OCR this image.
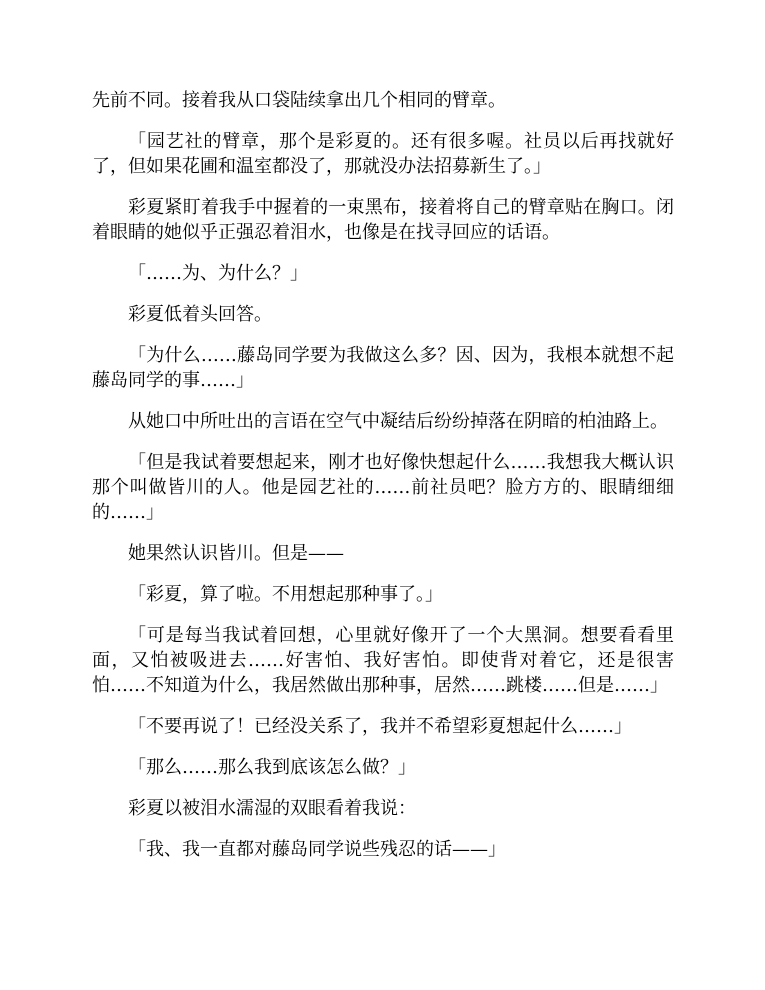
先前不同。接着我从口袋陆续拿出几个相同的臂章。

「园艺社的臂章，那个是彩夏的。还有很多喔。社员以后再找就好了，但如果花圃和温室都没了，那就没办法招募新生了。」

彩夏紧盯着我手中握着的一束黑布，接着将自己的臂章贴在胸口。闭着眼睛的她似乎正强忍着泪水，也像是在找寻回应的话语。

「……为、为什么？」

彩夏低着头回答。

「为什么……藤岛同学要为我做这么多？因、因为，我根本就想不起藤岛同学的事……」

从她口中所吐出的言语在空气中凝结后纷纷掉落在阴暗的柏油路上。

「但是我试着要想起来，刚才也好像快想起什么……我想我大概认识那个叫做皆川的人。他是园艺社的……前社员吧？脸方方的、眼睛细细的……」

她果然认识皆川。但是——

「彩夏，算了啦。不用想起那种事了。」

「可是每当我试着回想，心里就好像开了一个大黑洞。想要看看里面，又怕被吸进去……好害怕、我好害怕。即使背对着它，还是很害怕……不知道为什么，我居然做出那种事，居然……跳楼……但是……」

「不要再说了！已经没关系了，我并不希望彩夏想起什么……」

「那么……那么我到底该怎么做？」

彩夏以被泪水濡湿的双眼看着我说：

「我、我一直都对藤岛同学说些残忍的话——」
